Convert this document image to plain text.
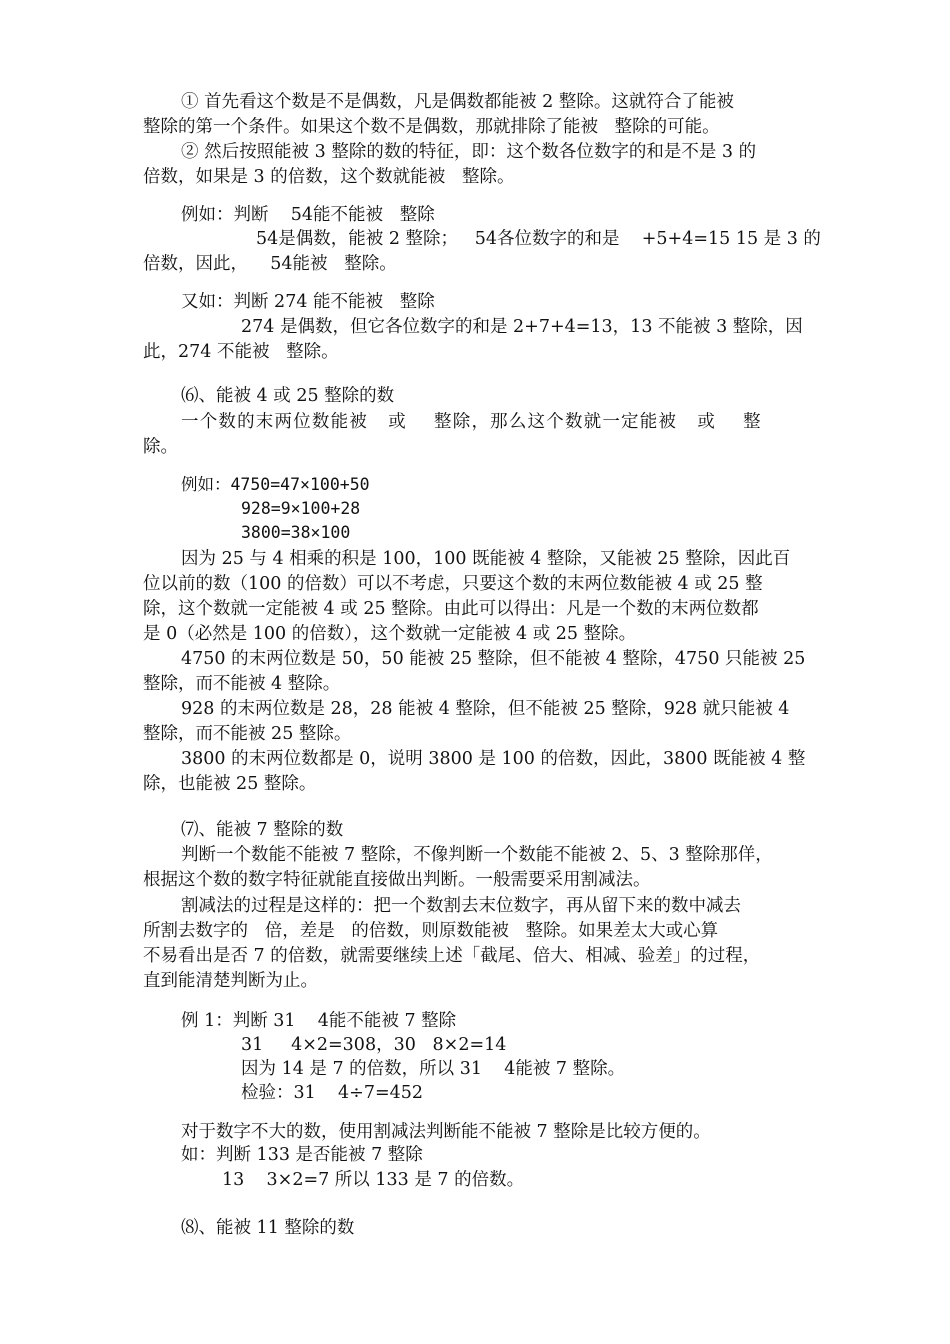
① 首先看这个数是不是偶数，凡是偶数都能被 2 整除。这就符合了能被
整除的第一个条件。如果这个数不是偶数，那就排除了能被   整除的可能。
② 然后按照能被 3 整除的数的特征，即：这个数各位数字的和是不是 3 的
倍数，如果是 3 的倍数，这个数就能被   整除。
例如：判断    54能不能被   整除
54是偶数，能被 2 整除；   54各位数字的和是    +5+4=15 15 是 3 的
倍数，因此，    54能被   整除。
又如：判断 274 能不能被   整除
274 是偶数，但它各位数字的和是 2+7+4=13，13 不能被 3 整除，因
此，274 不能被   整除。
⑹、能被 4 或 25 整除的数
一个数的末两位数能被   或    整除，那么这个数就一定能被   或    整
除。
例如：4750=47×100+50
928=9×100+28
3800=38×100
因为 25 与 4 相乘的积是 100，100 既能被 4 整除，又能被 25 整除，因此百
位以前的数（100 的倍数）可以不考虑，只要这个数的末两位数能被 4 或 25 整
除，这个数就一定能被 4 或 25 整除。由此可以得出：凡是一个数的末两位数都
是 0（必然是 100 的倍数），这个数就一定能被 4 或 25 整除。
4750 的末两位数是 50，50 能被 25 整除，但不能被 4 整除，4750 只能被 25
整除，而不能被 4 整除。
928 的末两位数是 28，28 能被 4 整除，但不能被 25 整除，928 就只能被 4
整除，而不能被 25 整除。
3800 的末两位数都是 0，说明 3800 是 100 的倍数，因此，3800 既能被 4 整
除，也能被 25 整除。
⑺、能被 7 整除的数
判断一个数能不能被 7 整除，不像判断一个数能不能被 2、5、3 整除那佯，
根据这个数的数字特征就能直接做出判断。一般需要采用割减法。
割减法的过程是这样的：把一个数割去末位数字，再从留下来的数中减去
所割去数字的   倍，差是   的倍数，则原数能被   整除。如果差太大或心算
不易看出是否 7 的倍数，就需要继续上述「截尾、倍大、相减、验差」的过程，
直到能清楚判断为止。
例 1：判断 31    4能不能被 7 整除
31     4×2=308，30   8×2=14
因为 14 是 7 的倍数，所以 31    4能被 7 整除。
检验：31    4÷7=452
对于数字不大的数，使用割减法判断能不能被 7 整除是比较方便的。
如：判断 133 是否能被 7 整除
13    3×2=7 所以 133 是 7 的倍数。
⑻、能被 11 整除的数
